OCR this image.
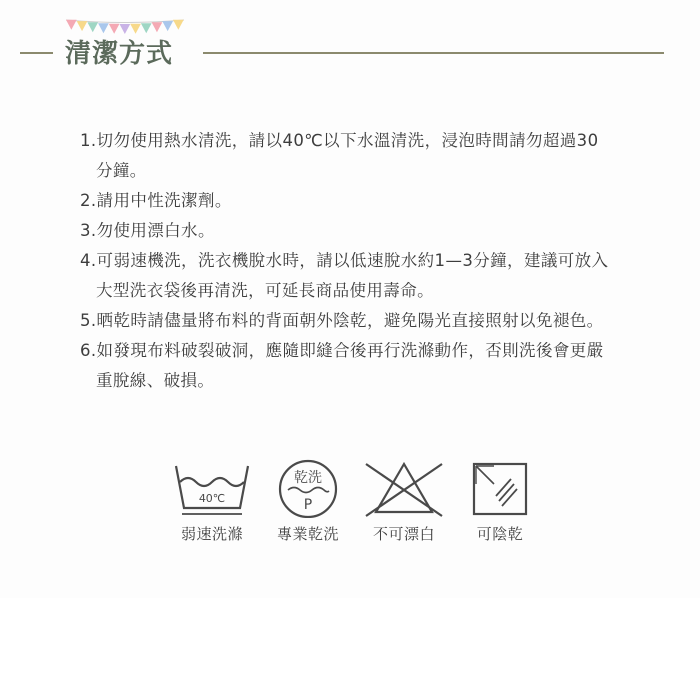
清潔方式
1.切勿使用熱水清洗，請以40℃以下水溫清洗，浸泡時間請勿超過30分鐘。
2.請用中性洗潔劑。
3.勿使用漂白水。
4.可弱速機洗，洗衣機脫水時，請以低速脫水約1—3分鐘，建議可放入大型洗衣袋後再清洗，可延長商品使用壽命。
5.晒乾時請儘量將布料的背面朝外陰乾，避免陽光直接照射以免褪色。
6.如發現布料破裂破洞，應隨即縫合後再行洗滌動作，否則洗後會更嚴重脫線、破損。
40℃
弱速洗滌
乾洗
P
專業乾洗	不可漂白	可陰乾
